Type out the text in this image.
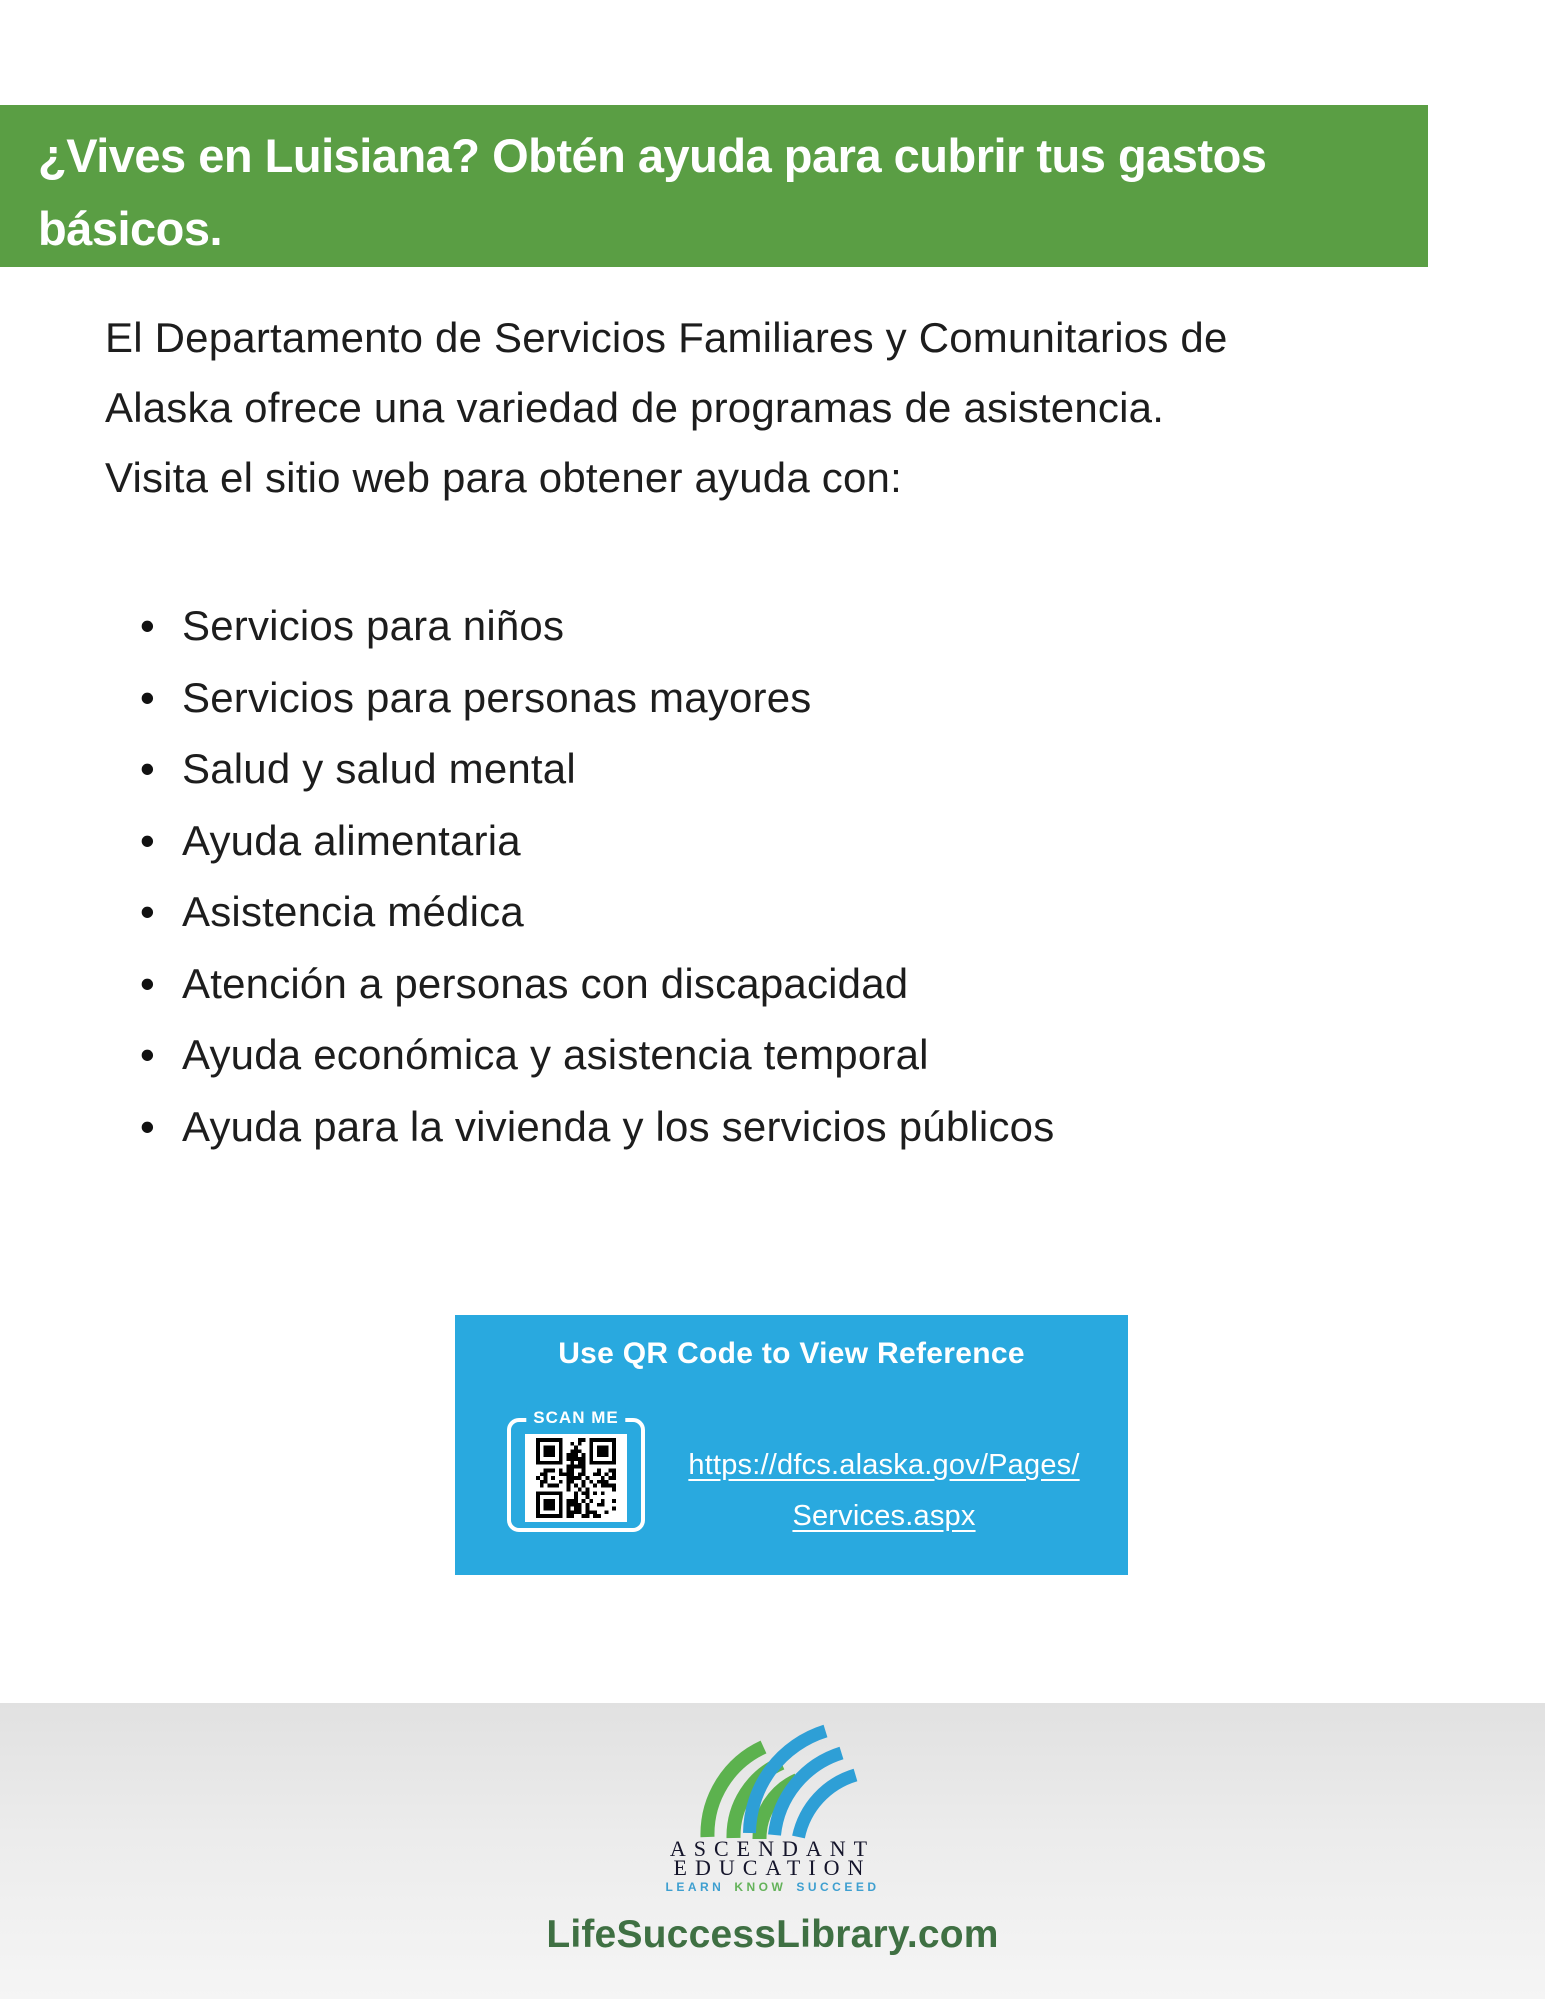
¿Vives en Luisiana? Obtén ayuda para cubrir tus gastos básicos.
El Departamento de Servicios Familiares y Comunitarios de
Alaska ofrece una variedad de programas de asistencia.
Visita el sitio web para obtener ayuda con:
• Servicios para niños
• Servicios para personas mayores
• Salud y salud mental
• Ayuda alimentaria
• Asistencia médica
• Atención a personas con discapacidad
• Ayuda económica y asistencia temporal
• Ayuda para la vivienda y los servicios públicos
Use QR Code to View Reference
SCAN ME
https://dfcs.alaska.gov/Pages/
Services.aspx
ASCENDANT
EDUCATION
LEARN KNOW SUCCEED
LifeSuccessLibrary.com
